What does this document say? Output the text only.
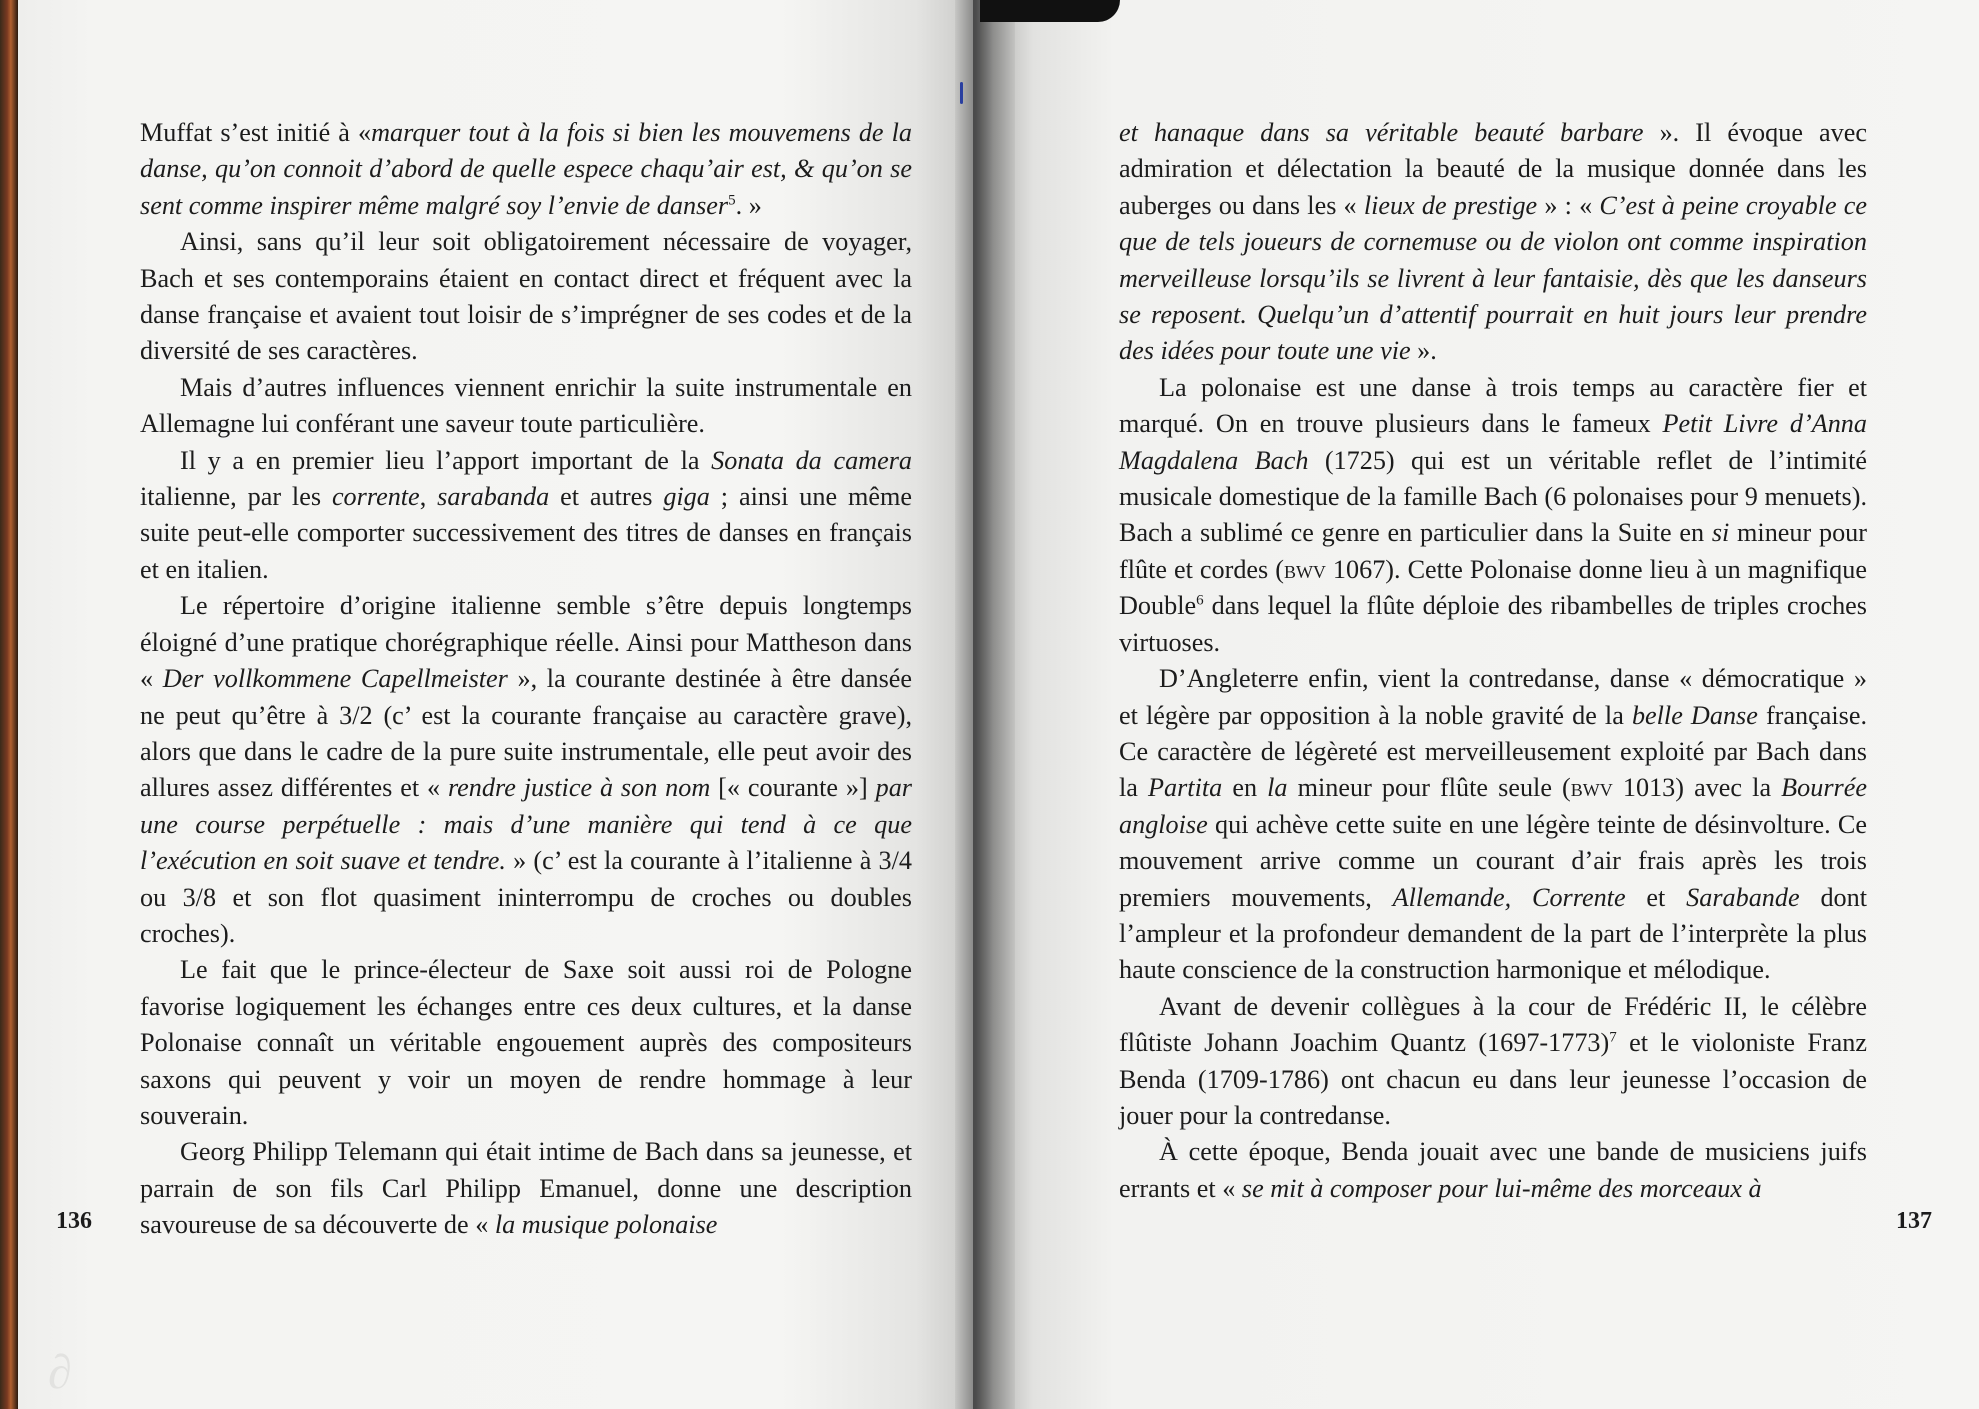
Muffat s’est initié à «marquer tout à la fois si bien les mouvemens de la danse, qu’on connoit d’abord de quelle espece chaqu’air est, & qu’on se sent comme inspirer même malgré soy l’envie de danser$^5$. »

Ainsi, sans qu’il leur soit obligatoirement nécessaire de voyager, Bach et ses contemporains étaient en contact direct et fréquent avec la danse française et avaient tout loisir de s’imprégner de ses codes et de la diversité de ses caractères.

Mais d’autres influences viennent enrichir la suite instrumentale en Allemagne lui conférant une saveur toute particulière.

Il y a en premier lieu l’apport important de la Sonata da camera italienne, par les corrente, sarabanda et autres giga ; ainsi une même suite peut-elle comporter successivement des titres de danses en français et en italien.

Le répertoire d’origine italienne semble s’être depuis longtemps éloigné d’une pratique chorégraphique réelle. Ainsi pour Mattheson dans « Der vollkommene Capellmeister », la courante destinée à être dansée ne peut qu’être à 3/2 (c’ est la courante française au caractère grave), alors que dans le cadre de la pure suite instrumentale, elle peut avoir des allures assez différentes et « rendre justice à son nom [« courante »] par une course perpétuelle : mais d’une manière qui tend à ce que l’exécution en soit suave et tendre. » (c’ est la courante à l’italienne à 3/4 ou 3/8 et son flot quasiment ininterrompu de croches ou doubles croches).

Le fait que le prince-électeur de Saxe soit aussi roi de Pologne favorise logiquement les échanges entre ces deux cultures, et la danse Polonaise connaît un véritable engouement auprès des compositeurs saxons qui peuvent y voir un moyen de rendre hommage à leur souverain.

Georg Philipp Telemann qui était intime de Bach dans sa jeunesse, et parrain de son fils Carl Philipp Emanuel, donne une description savoureuse de sa découverte de « la musique polonaise

136
∂

et hanaque dans sa véritable beauté barbare ». Il évoque avec admiration et délectation la beauté de la musique donnée dans les auberges ou dans les « lieux de prestige » : « C’est à peine croyable ce que de tels joueurs de cornemuse ou de violon ont comme inspiration merveilleuse lorsqu’ils se livrent à leur fantaisie, dès que les danseurs se reposent. Quelqu’un d’attentif pourrait en huit jours leur prendre des idées pour toute une vie ».

La polonaise est une danse à trois temps au caractère fier et marqué. On en trouve plusieurs dans le fameux Petit Livre d’Anna Magdalena Bach (1725) qui est un véritable reflet de l’intimité musicale domestique de la famille Bach (6 polonaises pour 9 menuets). Bach a sublimé ce genre en particulier dans la Suite en si mineur pour flûte et cordes (bwv 1067). Cette Polonaise donne lieu à un magnifique Double$^6$ dans lequel la flûte déploie des ribambelles de triples croches virtuoses.

D’Angleterre enfin, vient la contredanse, danse « démocratique » et légère par opposition à la noble gravité de la belle Danse française. Ce caractère de légèreté est merveilleusement exploité par Bach dans la Partita en la mineur pour flûte seule (bwv 1013) avec la Bourrée angloise qui achève cette suite en une légère teinte de désinvolture. Ce mouvement arrive comme un courant d’air frais après les trois premiers mouvements, Allemande, Corrente et Sarabande dont l’ampleur et la profondeur demandent de la part de l’interprète la plus haute conscience de la construction harmonique et mélodique.

Avant de devenir collègues à la cour de Frédéric II, le célèbre flûtiste Johann Joachim Quantz (1697-1773)$^7$ et le violoniste Franz Benda (1709-1786) ont chacun eu dans leur jeunesse l’occasion de jouer pour la contredanse.

À cette époque, Benda jouait avec une bande de musiciens juifs errants et « se mit à composer pour lui-même des morceaux à

137
